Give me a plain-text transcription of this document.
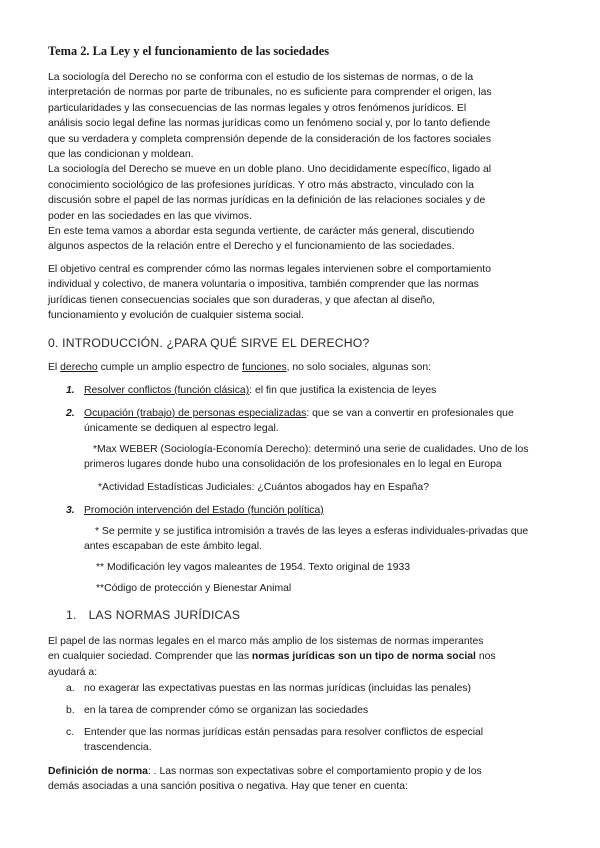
Tema 2. La Ley y el funcionamiento de las sociedades
La sociología del Derecho no se conforma con el estudio de los sistemas de normas, o de la
interpretación de normas por parte de tribunales, no es suficiente para comprender el origen, las
particularidades y las consecuencias de las normas legales y otros fenómenos jurídicos. El
análisis socio legal define las normas jurídicas como un fenómeno social y, por lo tanto defiende
que su verdadera y completa comprensión depende de la consideración de los factores sociales
que las condicionan y moldean.
La sociología del Derecho se mueve en un doble plano. Uno decididamente específico, ligado al
conocimiento sociológico de las profesiones jurídicas. Y otro más abstracto, vinculado con la
discusión sobre el papel de las normas jurídicas en la definición de las relaciones sociales y de
poder en las sociedades en las que vivimos.
En este tema vamos a abordar esta segunda vertiente, de carácter más general, discutiendo
algunos aspectos de la relación entre el Derecho y el funcionamiento de las sociedades.
El objetivo central es comprender cómo las normas legales intervienen sobre el comportamiento
individual y colectivo, de manera voluntaria o impositiva, también comprender que las normas
jurídicas tienen consecuencias sociales que son duraderas, y que afectan al diseño,
funcionamiento y evolución de cualquier sistema social.
0. INTRODUCCIÓN. ¿PARA QUÉ SIRVE EL DERECHO?
El derecho cumple un amplio espectro de funciones, no solo sociales, algunas son:
1. Resolver conflictos (función clásica): el fin que justifica la existencia de leyes
2. Ocupación (trabajo) de personas especializadas: que se van a convertir en profesionales que
únicamente se dediquen al espectro legal.
*Max WEBER (Sociología-Economía Derecho): determinó una serie de cualidades. Uno de los
primeros lugares donde hubo una consolidación de los profesionales en lo legal en Europa
*Actividad Estadísticas Judiciales: ¿Cuántos abogados hay en España?
3. Promoción intervención del Estado (función política)
* Se permite y se justifica intromisión a través de las leyes a esferas individuales-privadas que
antes escapaban de este ámbito legal.
** Modificación ley vagos maleantes de 1954. Texto original de 1933
**Código de protección y Bienestar Animal
1. LAS NORMAS JURÍDICAS
El papel de las normas legales en el marco más amplio de los sistemas de normas imperantes
en cualquier sociedad. Comprender que las normas jurídicas son un tipo de norma social nos
ayudará a:
a. no exagerar las expectativas puestas en las normas jurídicas (incluidas las penales)
b. en la tarea de comprender cómo se organizan las sociedades
c. Entender que las normas jurídicas están pensadas para resolver conflictos de especial
trascendencia.
Definición de norma: . Las normas son expectativas sobre el comportamiento propio y de los
demás asociadas a una sanción positiva o negativa. Hay que tener en cuenta:
